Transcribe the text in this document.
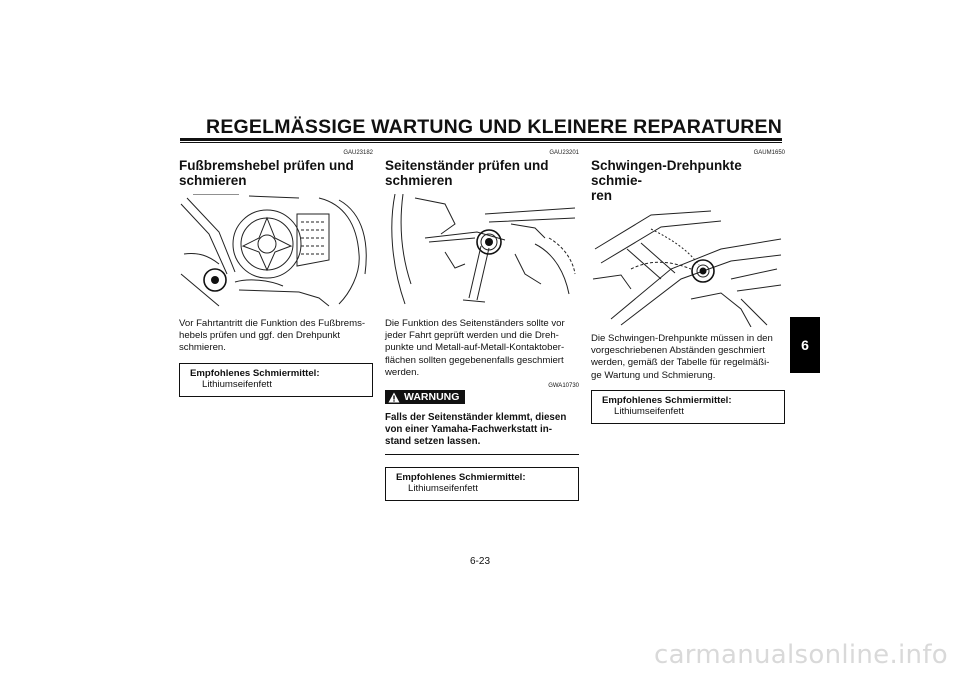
REGELMÄSSIGE WARTUNG UND KLEINERE REPARATUREN
GAU23182
Fußbremshebel prüfen und
schmieren
Vor Fahrtantritt die Funktion des Fußbrems-
hebels prüfen und ggf. den Drehpunkt
schmieren.
Empfohlenes Schmiermittel:
Lithiumseifenfett
GAU23201
Seitenständer prüfen und
schmieren
Die Funktion des Seitenständers sollte vor
jeder Fahrt geprüft werden und die Dreh-
punkte und Metall-auf-Metall-Kontaktober-
flächen sollten gegebenenfalls geschmiert
werden.
GWA10730
WARNUNG
Falls der Seitenständer klemmt, diesen
von einer Yamaha-Fachwerkstatt in-
stand setzen lassen.
Empfohlenes Schmiermittel:
Lithiumseifenfett
GAUM1650
Schwingen-Drehpunkte schmie-
ren
Die Schwingen-Drehpunkte müssen in den
vorgeschriebenen Abständen geschmiert
werden, gemäß der Tabelle für regelmäßi-
ge Wartung und Schmierung.
Empfohlenes Schmiermittel:
Lithiumseifenfett
6
6-23
carmanualsonline.info
